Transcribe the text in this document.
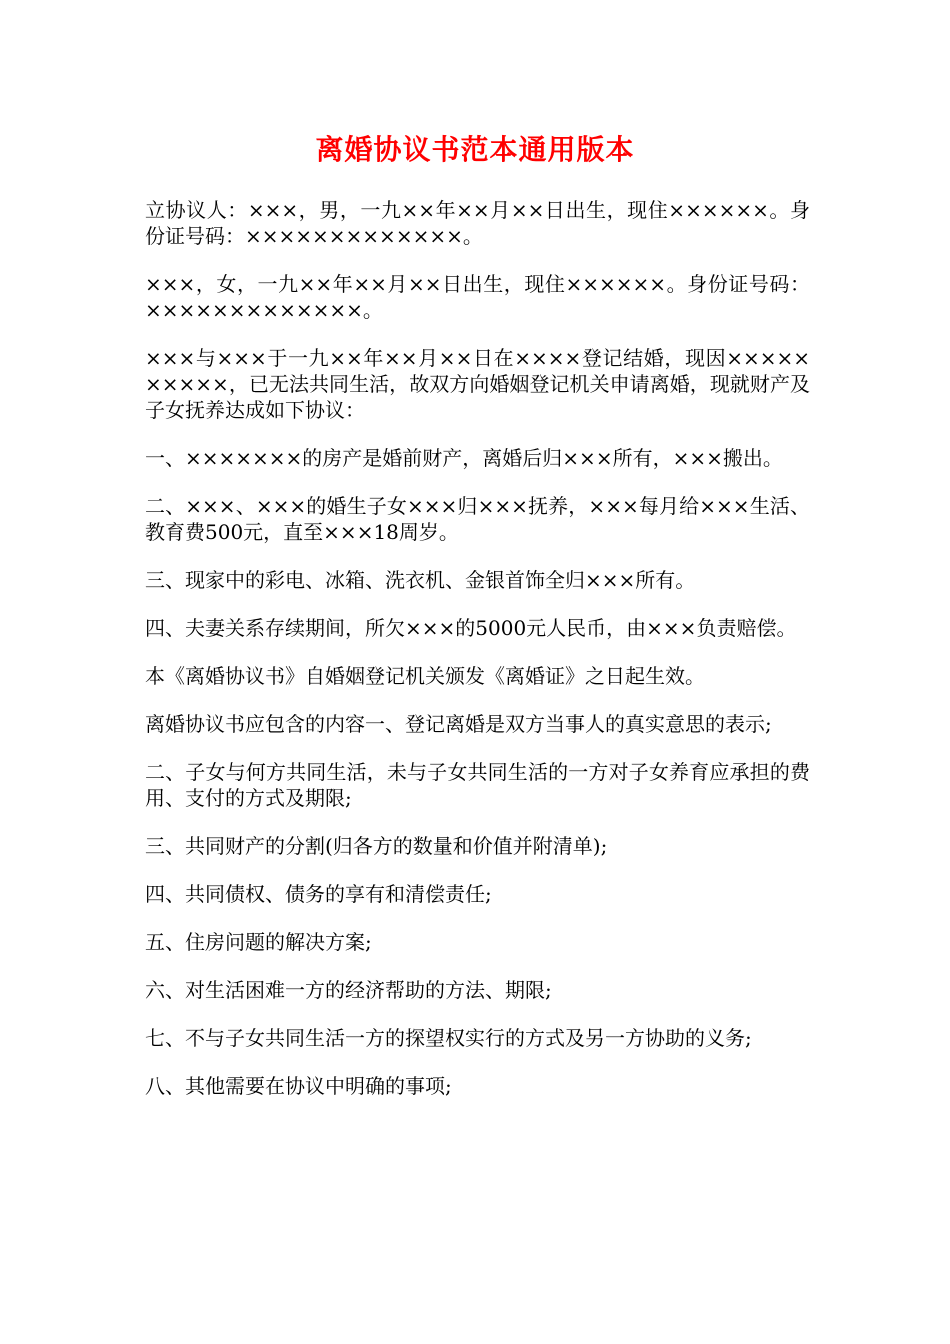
离婚协议书范本通用版本

立协议人：×××，男，一九××年××月××日出生，现住××××××。身份证号码：×××××××××××××。

×××，女，一九××年××月××日出生，现住××××××。身份证号码：×××××××××××××。

×××与×××于一九××年××月××日在××××登记结婚，现因××××××××××，已无法共同生活，故双方向婚姻登记机关申请离婚，现就财产及子女抚养达成如下协议：

一、×××××××的房产是婚前财产，离婚后归×××所有，×××搬出。

二、×××、×××的婚生子女×××归×××抚养，×××每月给×××生活、教育费500元，直至×××18周岁。

三、现家中的彩电、冰箱、洗衣机、金银首饰全归×××所有。

四、夫妻关系存续期间，所欠×××的5000元人民币，由×××负责赔偿。

本《离婚协议书》自婚姻登记机关颁发《离婚证》之日起生效。

离婚协议书应包含的内容一、登记离婚是双方当事人的真实意思的表示;

二、子女与何方共同生活，未与子女共同生活的一方对子女养育应承担的费用、支付的方式及期限;

三、共同财产的分割(归各方的数量和价值并附清单);

四、共同债权、债务的享有和清偿责任;

五、住房问题的解决方案;

六、对生活困难一方的经济帮助的方法、期限;

七、不与子女共同生活一方的探望权实行的方式及另一方协助的义务;

八、其他需要在协议中明确的事项;
